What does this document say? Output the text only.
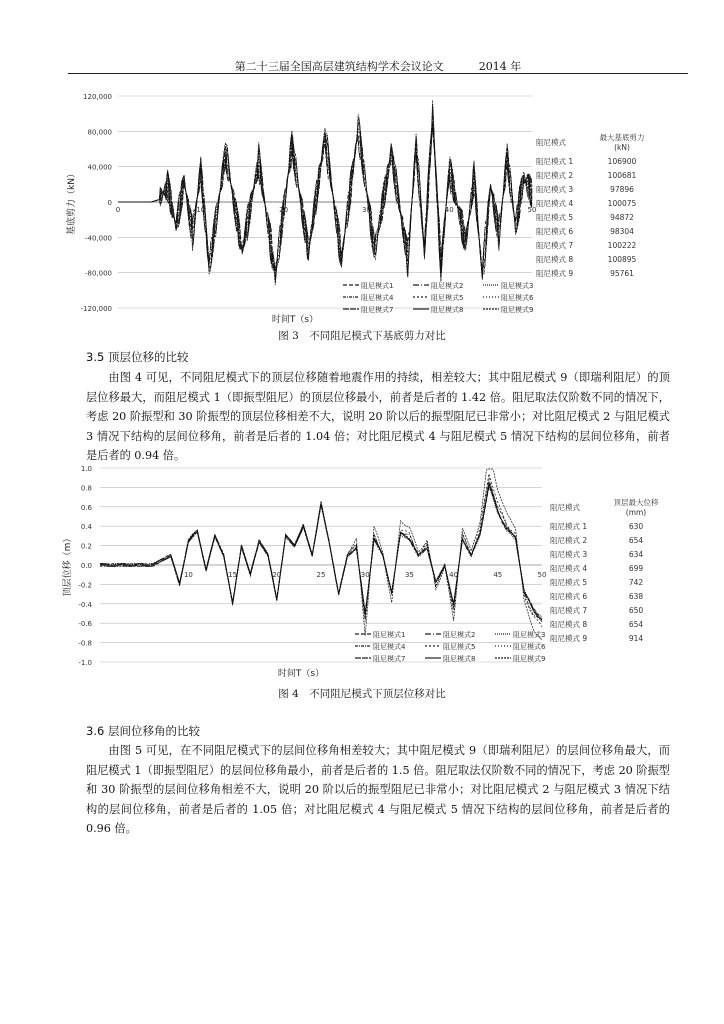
第二十三届全国高层建筑结构学术会议论文	2014 年
120,000
80,000
40,000
0
-40,000
-80,000
-120,000
0	10	20	30	40	50
基底剪力（kN）
时间T（s）
阻尼模式	最大基底剪力 (kN)
阻尼模式 1	106900
阻尼模式 2	100681
阻尼模式 3	97896
阻尼模式 4	100075
阻尼模式 5	94872
阻尼模式 6	98304
阻尼模式 7	100222
阻尼模式 8	100895
阻尼模式 9	95761
阻尼模式1	阻尼模式2	阻尼模式3
阻尼模式4	阻尼模式5	阻尼模式6
阻尼模式7	阻尼模式8	阻尼模式9
图 3　不同阻尼模式下基底剪力对比
3.5 顶层位移的比较

由图 4 可见，不同阻尼模式下的顶层位移随着地震作用的持续，相差较大；其中阻尼模式 9（即瑞利阻尼）的顶层位移最大，而阻尼模式 1（即振型阻尼）的顶层位移最小，前者是后者的 1.42 倍。阻尼取法仅阶数不同的情况下，考虑 20 阶振型和 30 阶振型的顶层位移相差不大，说明 20 阶以后的振型阻尼已非常小；对比阻尼模式 2 与阻尼模式 3 情况下结构的层间位移角，前者是后者的 1.04 倍；对比阻尼模式 4 与阻尼模式 5 情况下结构的层间位移角，前者是后者的 0.94 倍。

1.0
0.8
0.6
0.4
0.2
0.0
-0.2
-0.4
-0.6
-0.8
-1.0
10	15	20	25	30	35	40	45	50
顶层位移（m）
时间T（s）
阻尼模式	顶层最大位移 (mm)
阻尼模式 1	630
阻尼模式 2	654
阻尼模式 3	634
阻尼模式 4	699
阻尼模式 5	742
阻尼模式 6	638
阻尼模式 7	650
阻尼模式 8	654
阻尼模式 9	914
阻尼模式1	阻尼模式2	阻尼模式3
阻尼模式4	阻尼模式5	阻尼模式6
阻尼模式7	阻尼模式8	阻尼模式9
图 4　不同阻尼模式下顶层位移对比
3.6 层间位移角的比较

由图 5 可见，在不同阻尼模式下的层间位移角相差较大；其中阻尼模式 9（即瑞利阻尼）的层间位移角最大，而阻尼模式 1（即振型阻尼）的层间位移角最小，前者是后者的 1.5 倍。阻尼取法仅阶数不同的情况下，考虑 20 阶振型和 30 阶振型的层间位移角相差不大，说明 20 阶以后的振型阻尼已非常小；对比阻尼模式 2 与阻尼模式 3 情况下结构的层间位移角，前者是后者的 1.05 倍；对比阻尼模式 4 与阻尼模式 5 情况下结构的层间位移角，前者是后者的 0.96 倍。
